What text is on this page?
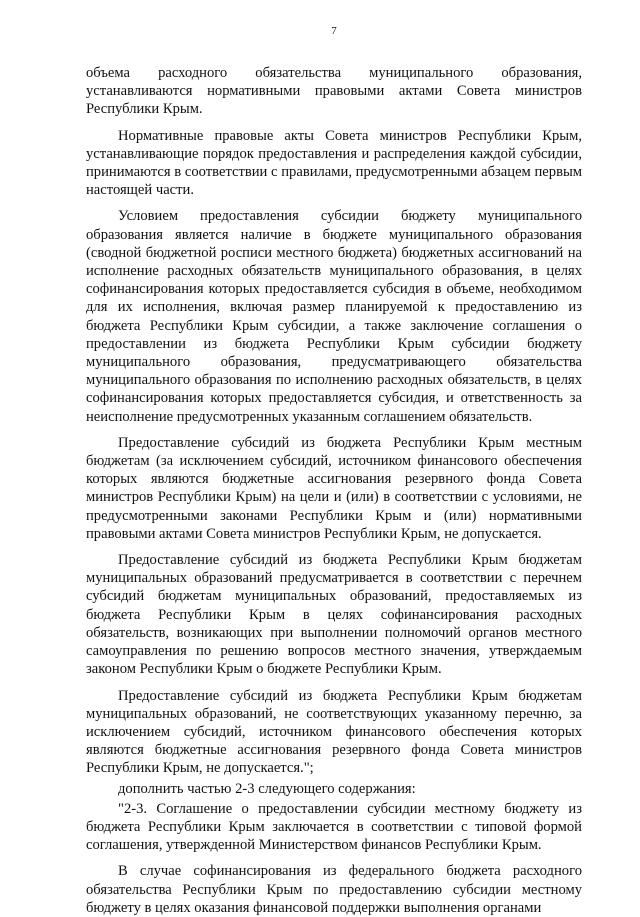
7

объема расходного обязательства муниципального образования, устанавливаются нормативными правовыми актами Совета министров Республики Крым.

Нормативные правовые акты Совета министров Республики Крым, устанавливающие порядок предоставления и распределения каждой субсидии, принимаются в соответствии с правилами, предусмотренными абзацем первым настоящей части.

Условием предоставления субсидии бюджету муниципального образования является наличие в бюджете муниципального образования (сводной бюджетной росписи местного бюджета) бюджетных ассигнований на исполнение расходных обязательств муниципального образования, в целях софинансирования которых предоставляется субсидия в объеме, необходимом для их исполнения, включая размер планируемой к предоставлению из бюджета Республики Крым субсидии, а также заключение соглашения о предоставлении из бюджета Республики Крым субсидии бюджету муниципального образования, предусматривающего обязательства муниципального образования по исполнению расходных обязательств, в целях софинансирования которых предоставляется субсидия, и ответственность за неисполнение предусмотренных указанным соглашением обязательств.

Предоставление субсидий из бюджета Республики Крым местным бюджетам (за исключением субсидий, источником финансового обеспечения которых являются бюджетные ассигнования резервного фонда Совета министров Республики Крым) на цели и (или) в соответствии с условиями, не предусмотренными законами Республики Крым и (или) нормативными правовыми актами Совета министров Республики Крым, не допускается.

Предоставление субсидий из бюджета Республики Крым бюджетам муниципальных образований предусматривается в соответствии с перечнем субсидий бюджетам муниципальных образований, предоставляемых из бюджета Республики Крым в целях софинансирования расходных обязательств, возникающих при выполнении полномочий органов местного самоуправления по решению вопросов местного значения, утверждаемым законом Республики Крым о бюджете Республики Крым.

Предоставление субсидий из бюджета Республики Крым бюджетам муниципальных образований, не соответствующих указанному перечню, за исключением субсидий, источником финансового обеспечения которых являются бюджетные ассигнования резервного фонда Совета министров Республики Крым, не допускается.";

дополнить частью 2-3 следующего содержания:

"2-3. Соглашение о предоставлении субсидии местному бюджету из бюджета Республики Крым заключается в соответствии с типовой формой соглашения, утвержденной Министерством финансов Республики Крым.

В случае софинансирования из федерального бюджета расходного обязательства Республики Крым по предоставлению субсидии местному бюджету в целях оказания финансовой поддержки выполнения органами
